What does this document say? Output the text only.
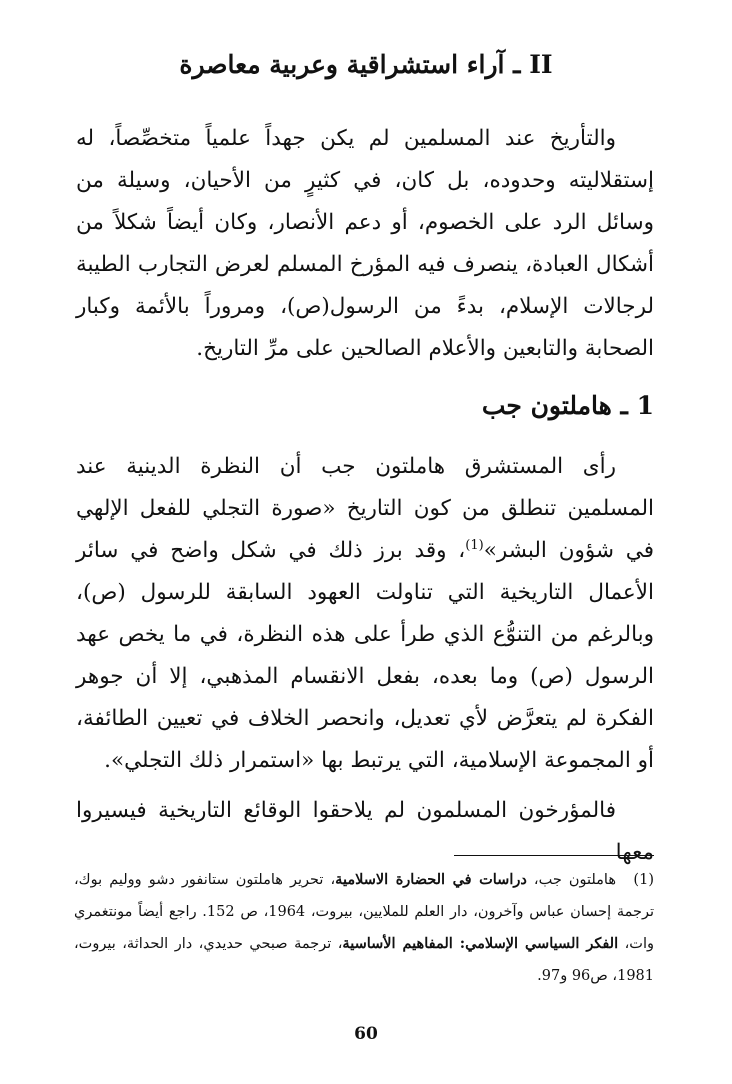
II ـ آراء استشراقية وعربية معاصرة

والتأريخ عند المسلمين لم يكن جهداً علمياً متخصِّصاً، له إستقلاليته وحدوده، بل كان، في كثيرٍ من الأحيان، وسيلة من وسائل الرد على الخصوم، أو دعم الأنصار، وكان أيضاً شكلاً من أشكال العبادة، ينصرف فيه المؤرخ المسلم لعرض التجارب الطيبة لرجالات الإسلام، بدءً من الرسول(ص)، ومروراً بالأئمة وكبار الصحابة والتابعين والأعلام الصالحين على مرِّ التاريخ.

1 ـ هاملتون جب

رأى المستشرق هاملتون جب أن النظرة الدينية عند المسلمين تنطلق من كون التاريخ «صورة التجلي للفعل الإلهي في شؤون البشر»$^{(1)}$، وقد برز ذلك في شكل واضح في سائر الأعمال التاريخية التي تناولت العهود السابقة للرسول (ص)، وبالرغم من التنوُّع الذي طرأ على هذه النظرة، في ما يخص عهد الرسول (ص) وما بعده، بفعل الانقسام المذهبي، إلا أن جوهر الفكرة لم يتعرَّض لأي تعديل، وانحصر الخلاف في تعيين الطائفة، أو المجموعة الإسلامية، التي يرتبط بها «استمرار ذلك التجلي».

فالمؤرخون المسلمون لم يلاحقوا الوقائع التاريخية فيسيروا معها

(1)هاملتون جب، دراسات في الحضارة الاسلامية، تحرير هاملتون ستانفور دشو ووليم بوك، ترجمة إحسان عباس وآخرون، دار العلم للملايين، بيروت، 1964، ص 152. راجع أيضاً مونتغمري وات، الفكر السياسي الإسلامي: المفاهيم الأساسية، ترجمة صبحي حديدي، دار الحداثة، بيروت، 1981، ص96 و97.

60
